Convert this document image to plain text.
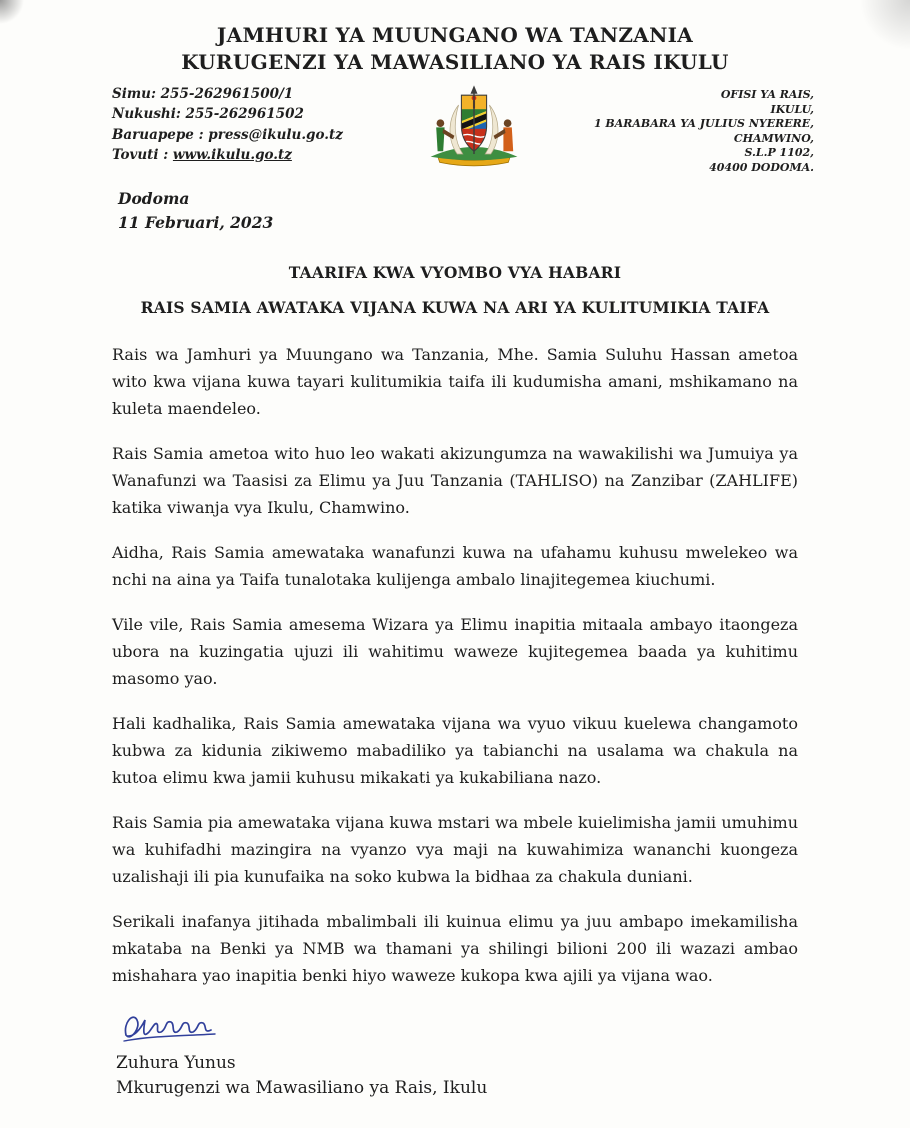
JAMHURI YA MUUNGANO WA TANZANIA
KURUGENZI YA MAWASILIANO YA RAIS IKULU
Simu: 255-262961500/1
Nukushi: 255-262961502
Baruapepe : press@ikulu.go.tz
Tovuti : www.ikulu.go.tz
OFISI YA RAIS,
IKULU,
1 BARABARA YA JULIUS NYERERE,
CHAMWINO,
S.L.P 1102,
40400 DODOMA.
Dodoma
11 Februari, 2023
TAARIFA KWA VYOMBO VYA HABARI
RAIS SAMIA AWATAKA VIJANA KUWA NA ARI YA KULITUMIKIA TAIFA

Rais wa Jamhuri ya Muungano wa Tanzania, Mhe. Samia Suluhu Hassan ametoa wito kwa vijana kuwa tayari kulitumikia taifa ili kudumisha amani, mshikamano na kuleta maendeleo.

Rais Samia ametoa wito huo leo wakati akizungumza na wawakilishi wa Jumuiya ya Wanafunzi wa Taasisi za Elimu ya Juu Tanzania (TAHLISO) na Zanzibar (ZAHLIFE) katika viwanja vya Ikulu, Chamwino.

Aidha, Rais Samia amewataka wanafunzi kuwa na ufahamu kuhusu mwelekeo wa nchi na aina ya Taifa tunalotaka kulijenga ambalo linajitegemea kiuchumi.

Vile vile, Rais Samia amesema Wizara ya Elimu inapitia mitaala ambayo itaongeza ubora na kuzingatia ujuzi ili wahitimu waweze kujitegemea baada ya kuhitimu masomo yao.

Hali kadhalika, Rais Samia amewataka vijana wa vyuo vikuu kuelewa changamoto kubwa za kidunia zikiwemo mabadiliko ya tabianchi na usalama wa chakula na kutoa elimu kwa jamii kuhusu mikakati ya kukabiliana nazo.

Rais Samia pia amewataka vijana kuwa mstari wa mbele kuielimisha jamii umuhimu wa kuhifadhi mazingira na vyanzo vya maji na kuwahimiza wananchi kuongeza uzalishaji ili pia kunufaika na soko kubwa la bidhaa za chakula duniani.

Serikali inafanya jitihada mbalimbali ili kuinua elimu ya juu ambapo imekamilisha mkataba na Benki ya NMB wa thamani ya shilingi bilioni 200 ili wazazi ambao mishahara yao inapitia benki hiyo waweze kukopa kwa ajili ya vijana wao.

Zuhura Yunus
Mkurugenzi wa Mawasiliano ya Rais, Ikulu
